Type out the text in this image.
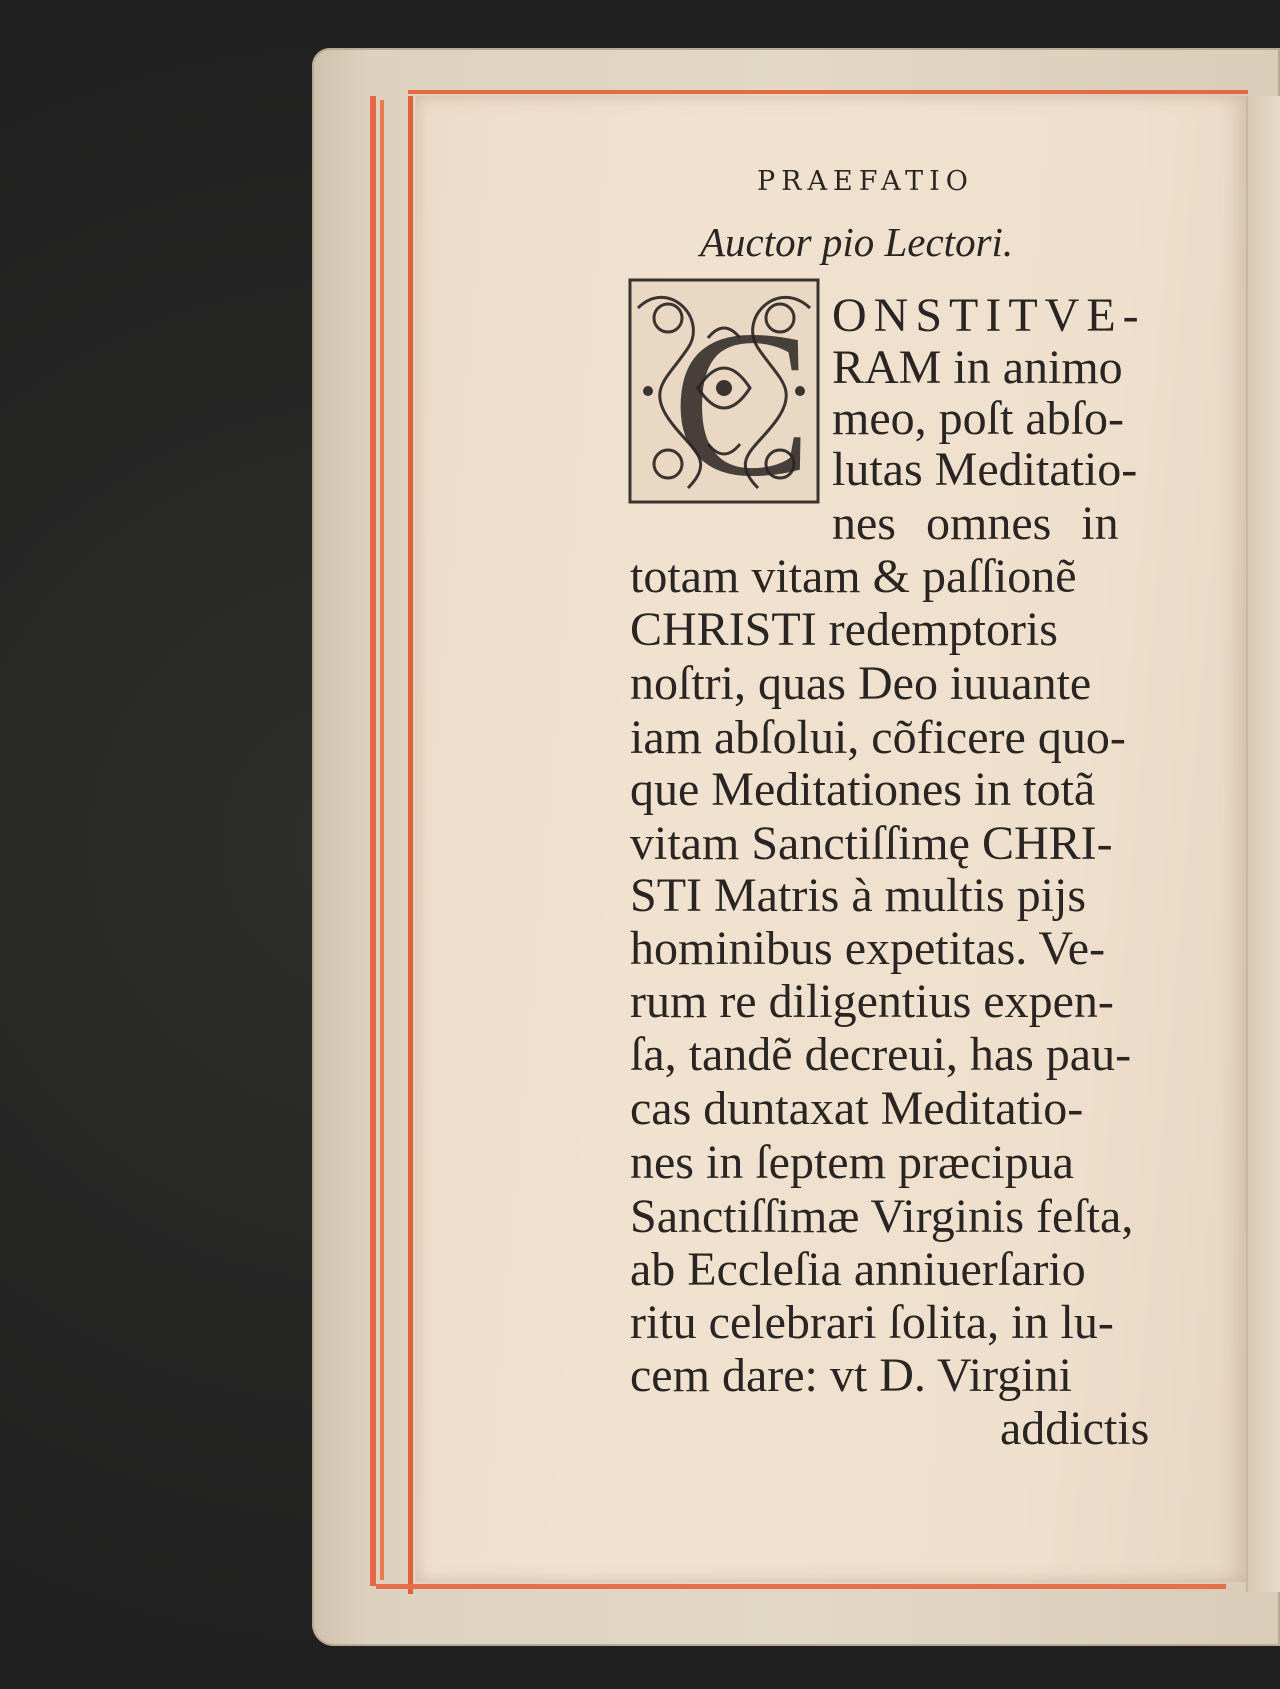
PRAEFATIO
Auctor pio Lectori.
C ONSTITVE-
RAM in animo
meo, poſt abſo-
lutas Meditatio-
nes omnes in
totam vitam & paſſionẽ
CHRISTI redemptoris
noſtri, quas Deo iuuante
iam abſolui, cõficere quo-
que Meditationes in totã
vitam Sanctiſſimę CHRI-
STI Matris à multis pijs
hominibus expetitas. Ve-
rum re diligentius expen-
ſa, tandẽ decreui, has pau-
cas duntaxat Meditatio-
nes in ſeptem præcipua
Sanctiſſimæ Virginis feſta,
ab Eccleſia anniuerſario
ritu celebrari ſolita, in lu-
cem dare: vt D. Virgini
addictis
